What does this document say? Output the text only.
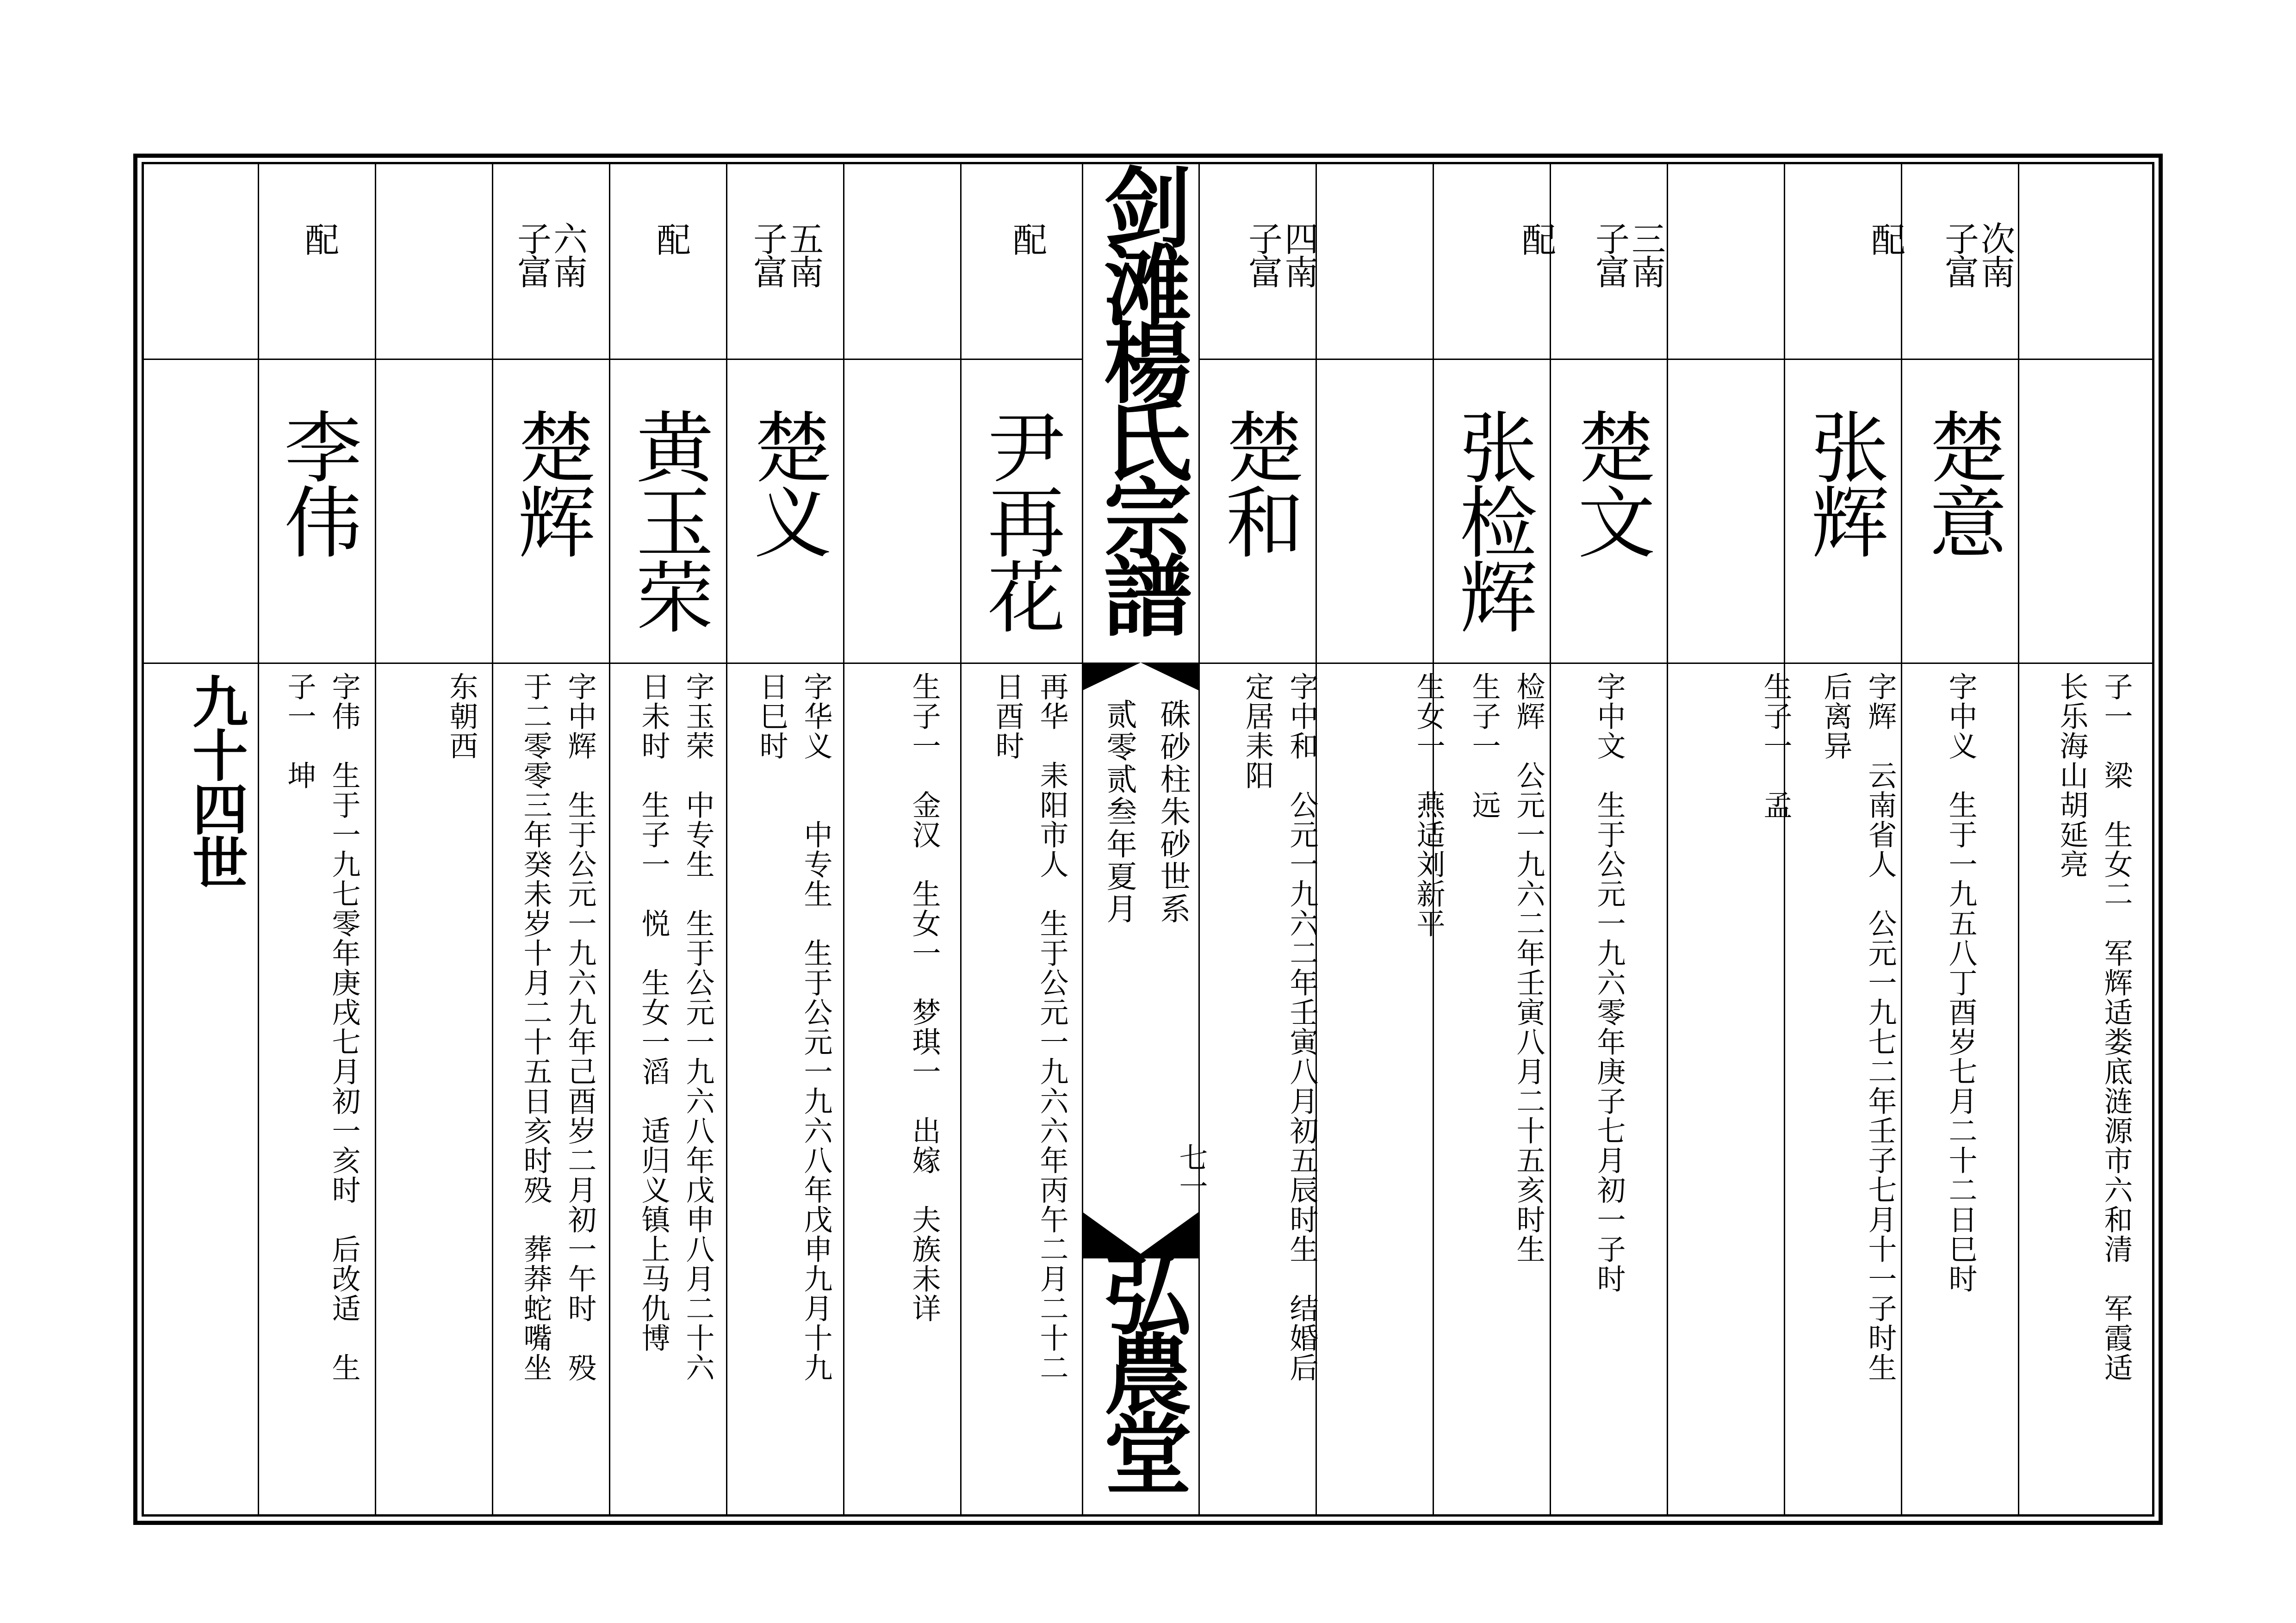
剑滩楊氏宗譜
硃砂柱朱砂世系
贰零贰叁年夏月
七一
弘農堂
九十四世	子一　梁　生女二　军辉适娄底涟源市六和清　军霞适
长乐海山胡延亮
次南
子富
楚意
字中义　生于一九五八丁酉岁七月二十二日巳时
配
张辉
字辉　云南省人　公元一九七二年壬子七月十一子时生
后离异
生子一　孟
三南
子富
楚文
字中文　生于公元一九六零年庚子七月初一子时
配
张检辉
检辉　公元一九六二年壬寅八月二十五亥时生
生子一　远
生女一　燕适刘新平
四南
子富
楚和
字中和　公元一九六二年壬寅八月初五辰时生　结婚后
定居耒阳
配
尹再花
再华　耒阳市人　生于公元一九六六年丙午二月二十二
日酉时
生子一　金汉　生女一　梦琪一　出嫁　夫族未详
五南
子富
楚义
字华义　　中专生　生于公元一九六八年戊申九月十九
日巳时
配
黄玉荣
字玉荣　中专生　生于公元一九六八年戊申八月二十六
日未时　生子一　悦　生女一滔　适归义镇上马仇博
六南
子富
楚辉
字中辉　生于公元一九六九年己酉岁二月初一午时　殁
于二零零三年癸未岁十月二十五日亥时殁　葬莽蛇嘴坐
东朝西
配
李伟
字伟　生于一九七零年庚戌七月初一亥时　后改适　生
子一　坤
